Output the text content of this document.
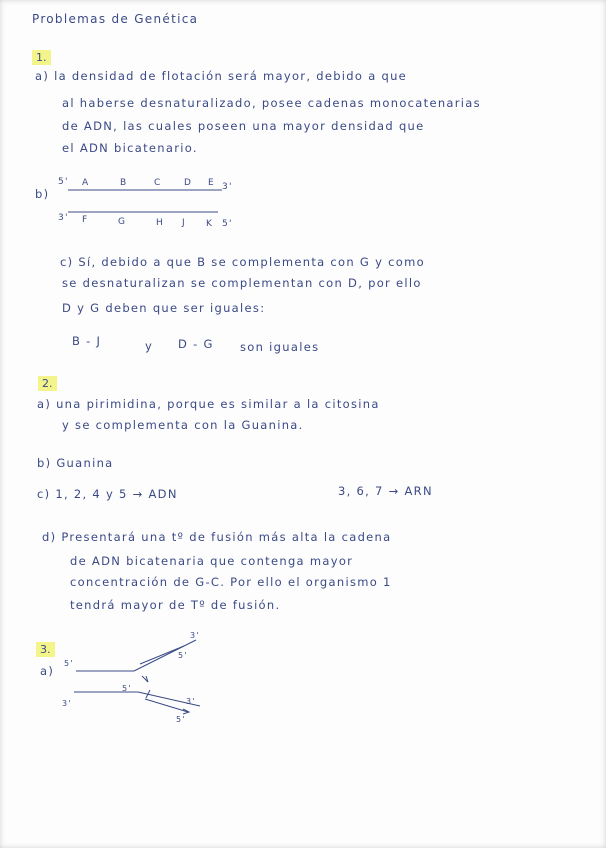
Problemas de Genética
1.
a) la densidad de flotación será mayor, debido a que
al haberse desnaturalizado, posee cadenas monocatenarias
de ADN, las cuales poseen una mayor densidad que
el ADN bicatenario.
b)
5' A	B	C D E 3'
3' F	G	H J K 5'
c) Sí, debido a que B se complementa con G y como
se desnaturalizan se complementan con D, por ello
D y G deben que ser iguales:
B - J	y D - G son iguales
2.
a) una pirimidina, porque es similar a la citosina
y se complementa con la Guanina.
b) Guanina
c) 1, 2, 4 y 5 → ADN	3, 6, 7 → ARN
d) Presentará una tº de fusión más alta la cadena
de ADN bicatenaria que contenga mayor
concentración de G-C. Por ello el organismo 1
tendrá mayor de Tº de fusión.
3.
a)
5'
3'
3'
5'
5'
3'
5'
